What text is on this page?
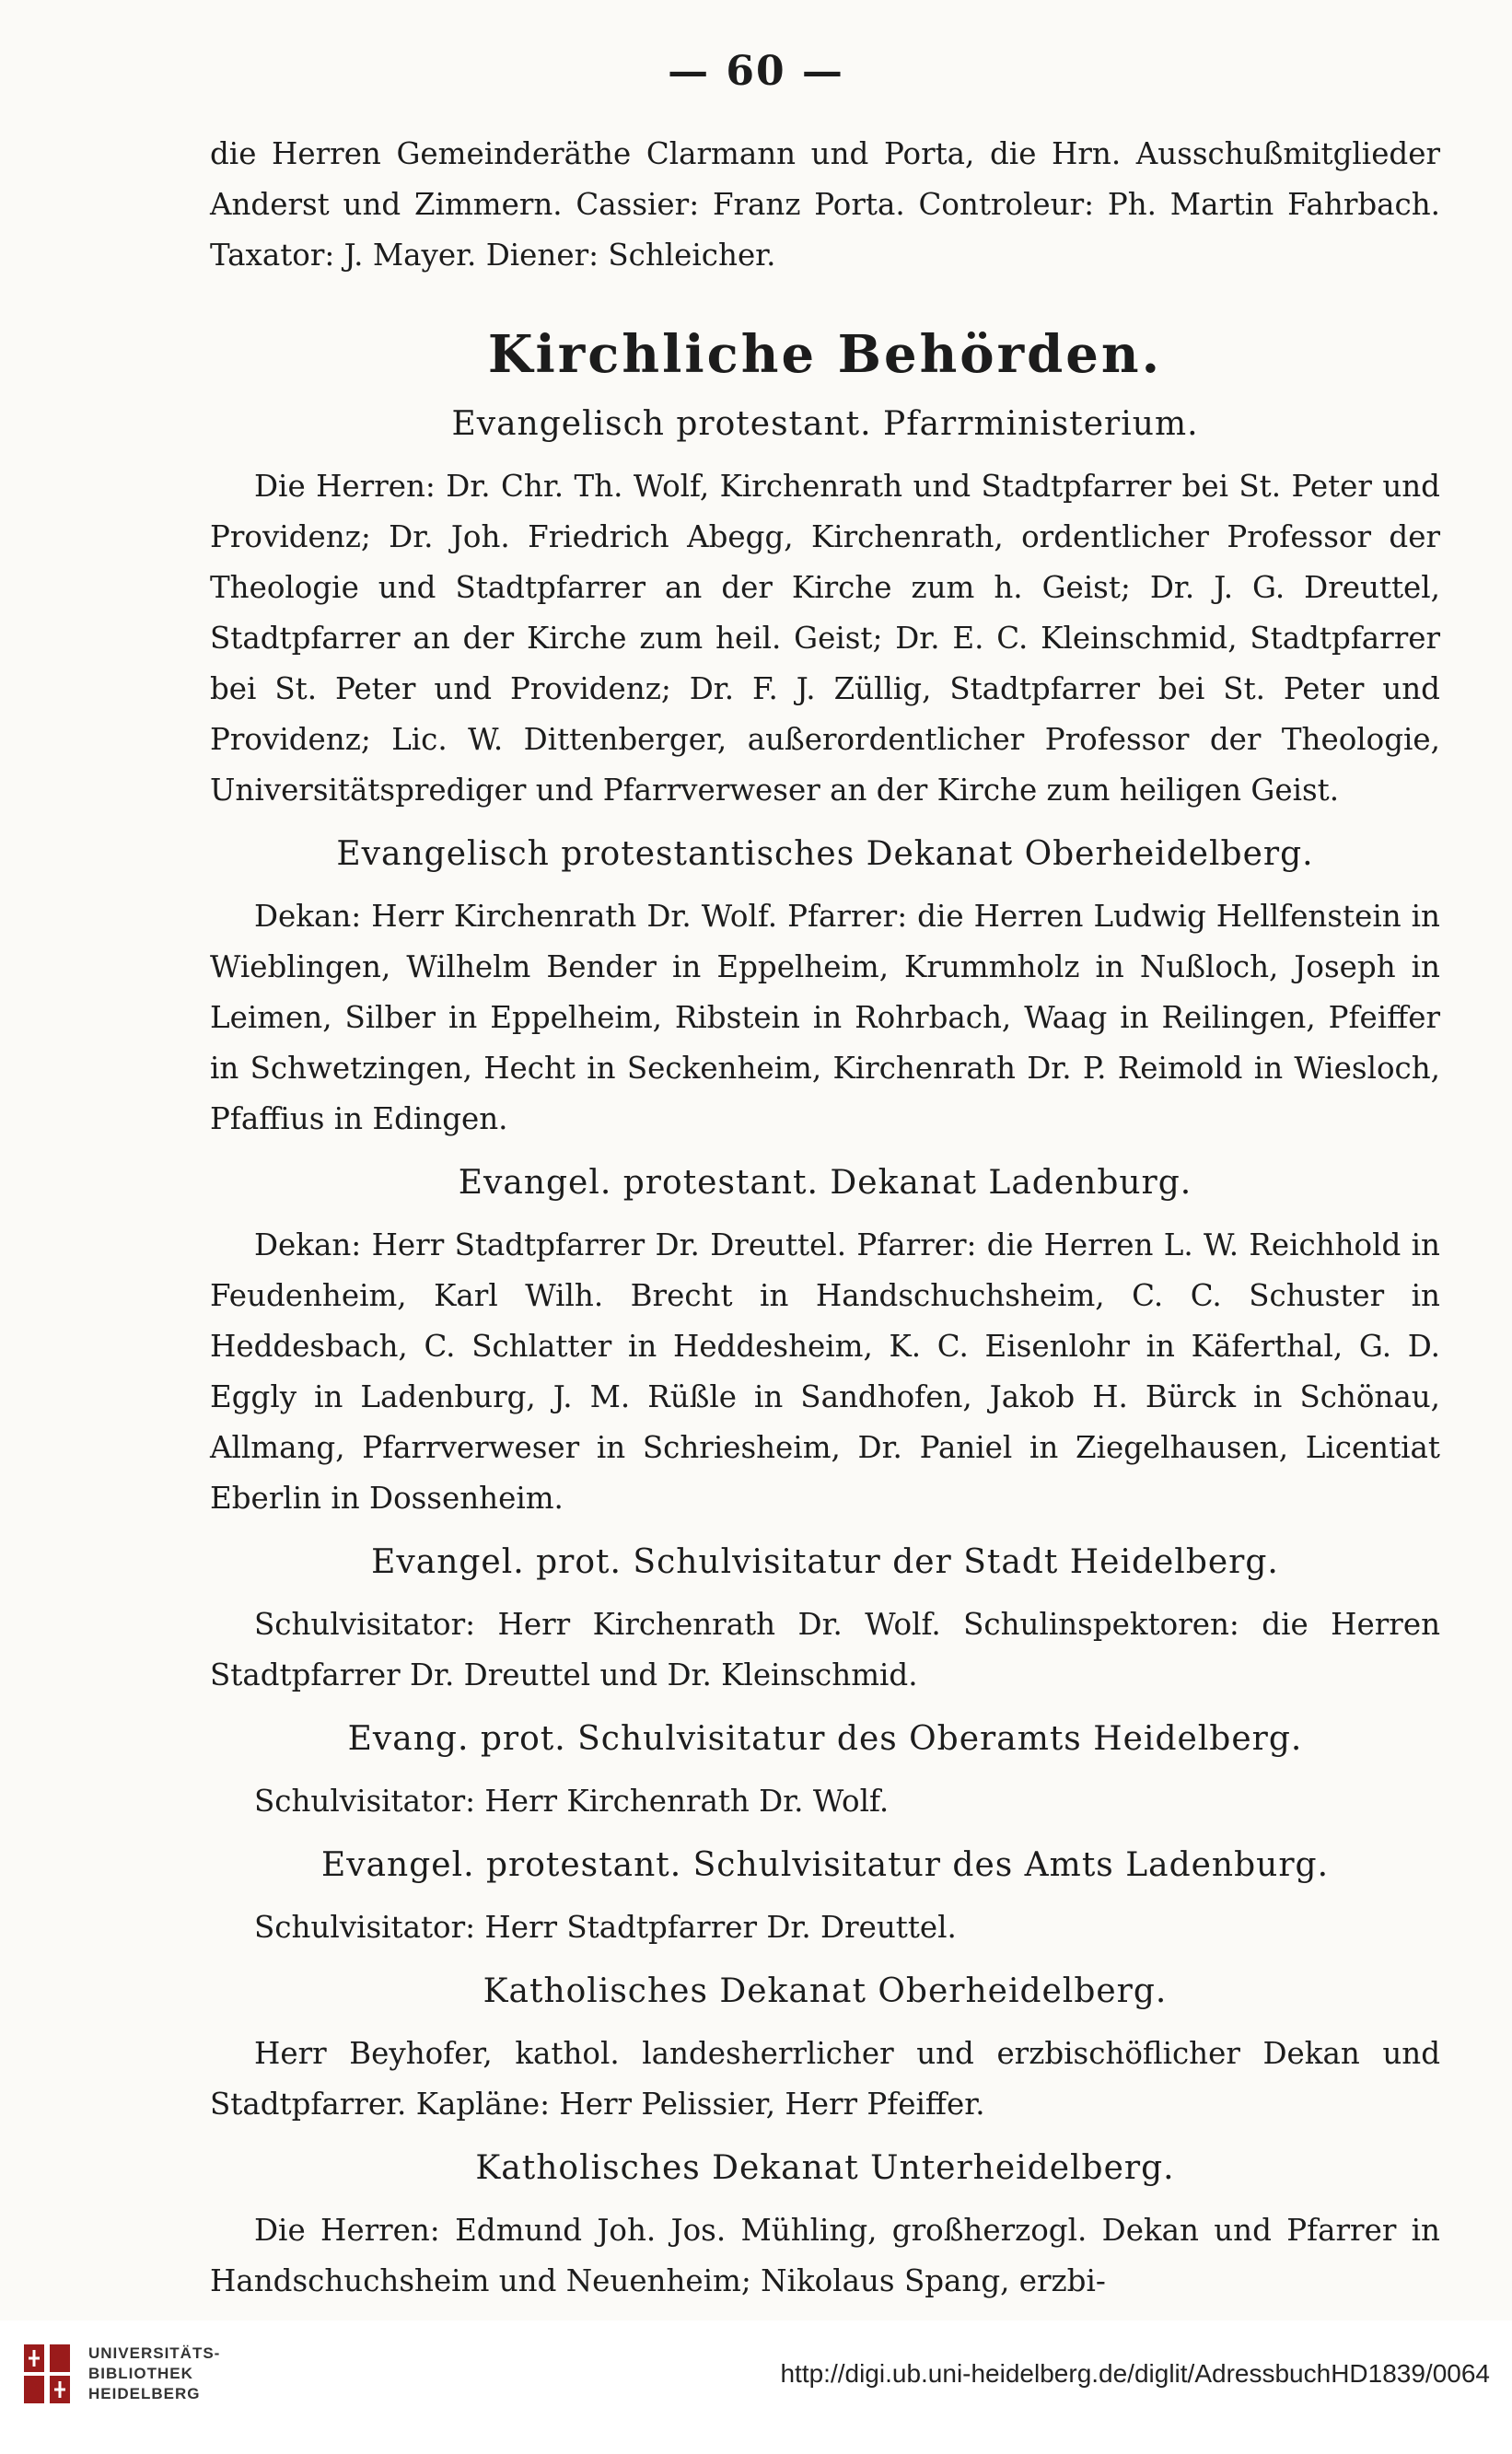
— 60 —

die Herren Gemeinderäthe Clarmann und Porta, die Hrn. Ausschußmitglieder Anderst und Zimmern. Cassier: Franz Porta. Controleur: Ph. Martin Fahrbach. Taxator: J. Mayer. Diener: Schleicher.

Kirchliche Behörden.
Evangelisch protestant. Pfarrministerium.

Die Herren: Dr. Chr. Th. Wolf, Kirchenrath und Stadtpfarrer bei St. Peter und Providenz; Dr. Joh. Friedrich Abegg, Kirchenrath, ordentlicher Professor der Theologie und Stadtpfarrer an der Kirche zum h. Geist; Dr. J. G. Dreuttel, Stadtpfarrer an der Kirche zum heil. Geist; Dr. E. C. Kleinschmid, Stadtpfarrer bei St. Peter und Providenz; Dr. F. J. Züllig, Stadtpfarrer bei St. Peter und Providenz; Lic. W. Dittenberger, außerordentlicher Professor der Theologie, Universitätsprediger und Pfarrverweser an der Kirche zum heiligen Geist.

Evangelisch protestantisches Dekanat Oberheidelberg.

Dekan: Herr Kirchenrath Dr. Wolf. Pfarrer: die Herren Ludwig Hellfenstein in Wieblingen, Wilhelm Bender in Eppelheim, Krummholz in Nußloch, Joseph in Leimen, Silber in Eppelheim, Ribstein in Rohrbach, Waag in Reilingen, Pfeiffer in Schwetzingen, Hecht in Seckenheim, Kirchenrath Dr. P. Reimold in Wiesloch, Pfaffius in Edingen.

Evangel. protestant. Dekanat Ladenburg.

Dekan: Herr Stadtpfarrer Dr. Dreuttel. Pfarrer: die Herren L. W. Reichhold in Feudenheim, Karl Wilh. Brecht in Handschuchsheim, C. C. Schuster in Heddesbach, C. Schlatter in Heddesheim, K. C. Eisenlohr in Käferthal, G. D. Eggly in Ladenburg, J. M. Rüßle in Sandhofen, Jakob H. Bürck in Schönau, Allmang, Pfarrverweser in Schriesheim, Dr. Paniel in Ziegelhausen, Licentiat Eberlin in Dossenheim.

Evangel. prot. Schulvisitatur der Stadt Heidelberg.

Schulvisitator: Herr Kirchenrath Dr. Wolf. Schulinspektoren: die Herren Stadtpfarrer Dr. Dreuttel und Dr. Kleinschmid.

Evang. prot. Schulvisitatur des Oberamts Heidelberg.

Schulvisitator: Herr Kirchenrath Dr. Wolf.

Evangel. protestant. Schulvisitatur des Amts Ladenburg.

Schulvisitator: Herr Stadtpfarrer Dr. Dreuttel.

Katholisches Dekanat Oberheidelberg.

Herr Beyhofer, kathol. landesherrlicher und erzbischöflicher Dekan und Stadtpfarrer. Kapläne: Herr Pelissier, Herr Pfeiffer.

Katholisches Dekanat Unterheidelberg.

Die Herren: Edmund Joh. Jos. Mühling, großherzogl. Dekan und Pfarrer in Handschuchsheim und Neuenheim; Nikolaus Spang, erzbi-

UNIVERSITÄTS-
BIBLIOTHEK
HEIDELBERG
http://digi.ub.uni-heidelberg.de/diglit/AdressbuchHD1839/0064
